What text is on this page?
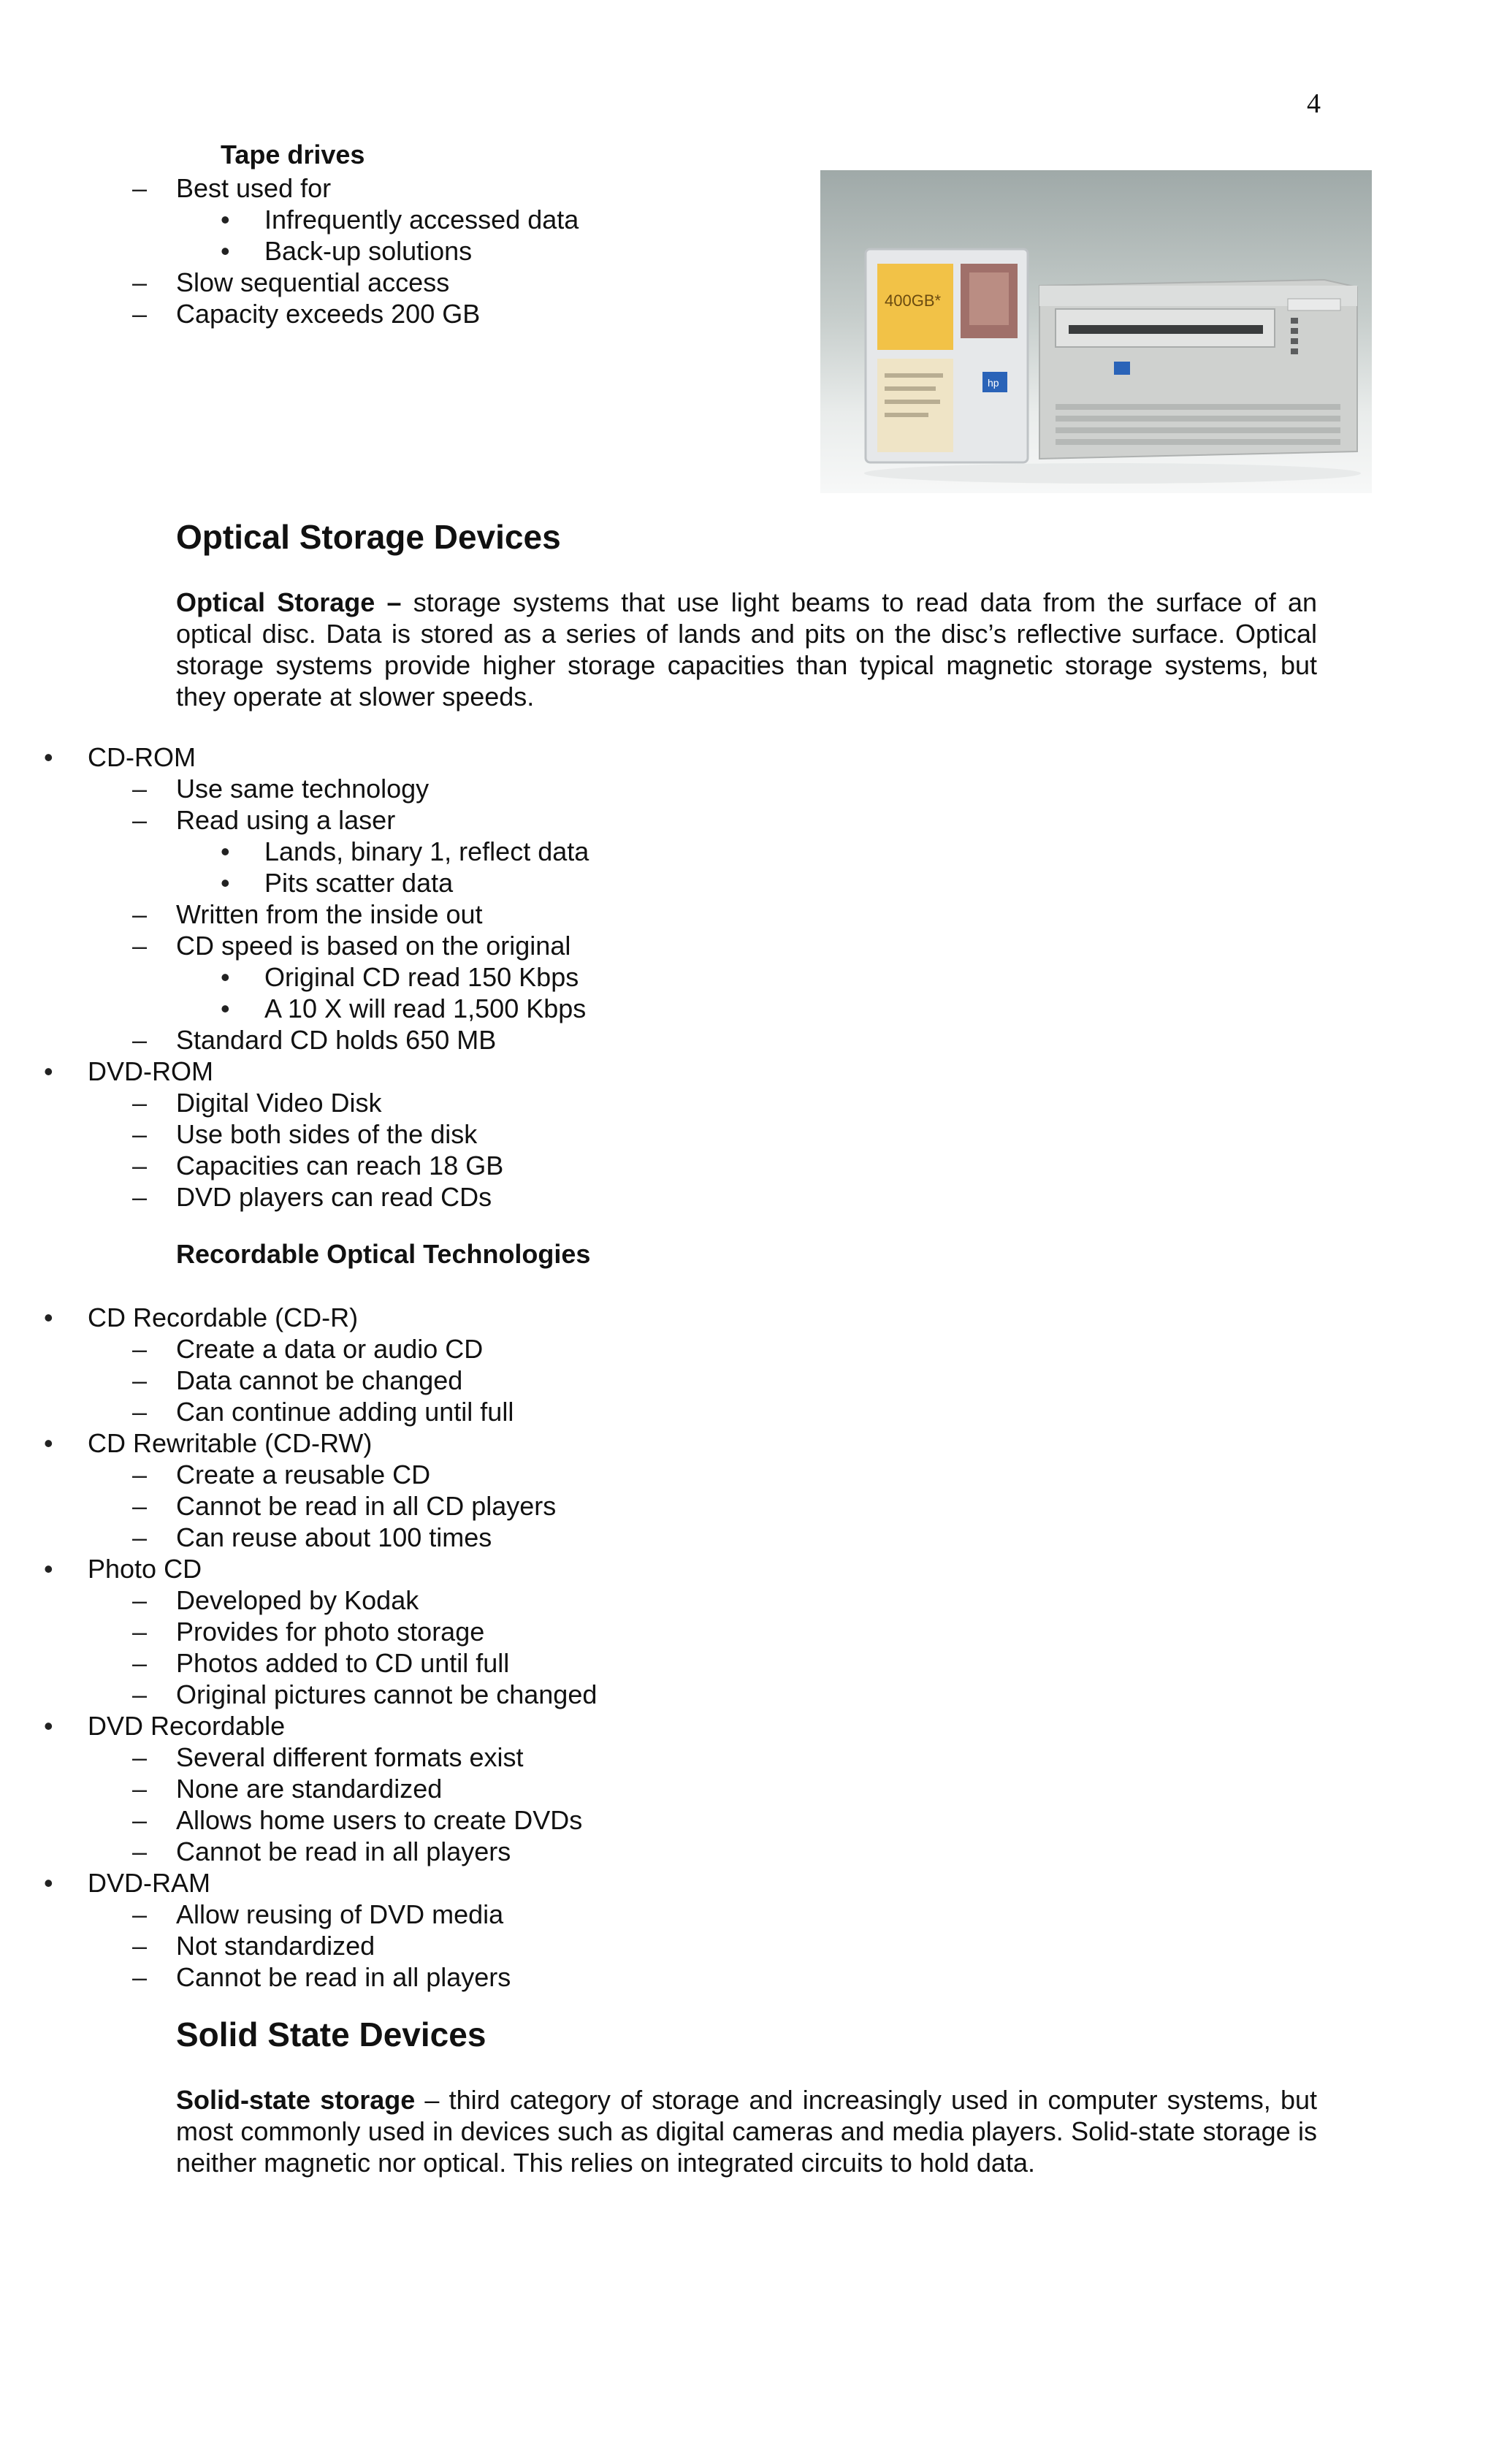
4
Tape drives
– Best used for
• Infrequently accessed data
• Back-up solutions
– Slow sequential access
– Capacity exceeds 200 GB	400GB*
hp
Optical Storage Devices

Optical Storage – storage systems that use light beams to read data from the surface of an optical disc. Data is stored as a series of lands and pits on the disc’s reflective surface. Optical storage systems provide higher storage capacities than typical magnetic storage systems, but they operate at slower speeds.

• CD-ROM
– Use same technology
– Read using a laser
• Lands, binary 1, reflect data
• Pits scatter data
– Written from the inside out
– CD speed is based on the original
• Original CD read 150 Kbps
• A 10 X will read 1,500 Kbps
– Standard CD holds 650 MB
• DVD-ROM
– Digital Video Disk
– Use both sides of the disk
– Capacities can reach 18 GB
– DVD players can read CDs
Recordable Optical Technologies
• CD Recordable (CD-R)
– Create a data or audio CD
– Data cannot be changed
– Can continue adding until full
• CD Rewritable (CD-RW)
– Create a reusable CD
– Cannot be read in all CD players
– Can reuse about 100 times
• Photo CD
– Developed by Kodak
– Provides for photo storage
– Photos added to CD until full
– Original pictures cannot be changed
• DVD Recordable
– Several different formats exist
– None are standardized
– Allows home users to create DVDs
– Cannot be read in all players
• DVD-RAM
– Allow reusing of DVD media
– Not standardized
– Cannot be read in all players
Solid State Devices

Solid-state storage – third category of storage and increasingly used in computer systems, but most commonly used in devices such as digital cameras and media players. Solid-state storage is neither magnetic nor optical. This relies on integrated circuits to hold data.
